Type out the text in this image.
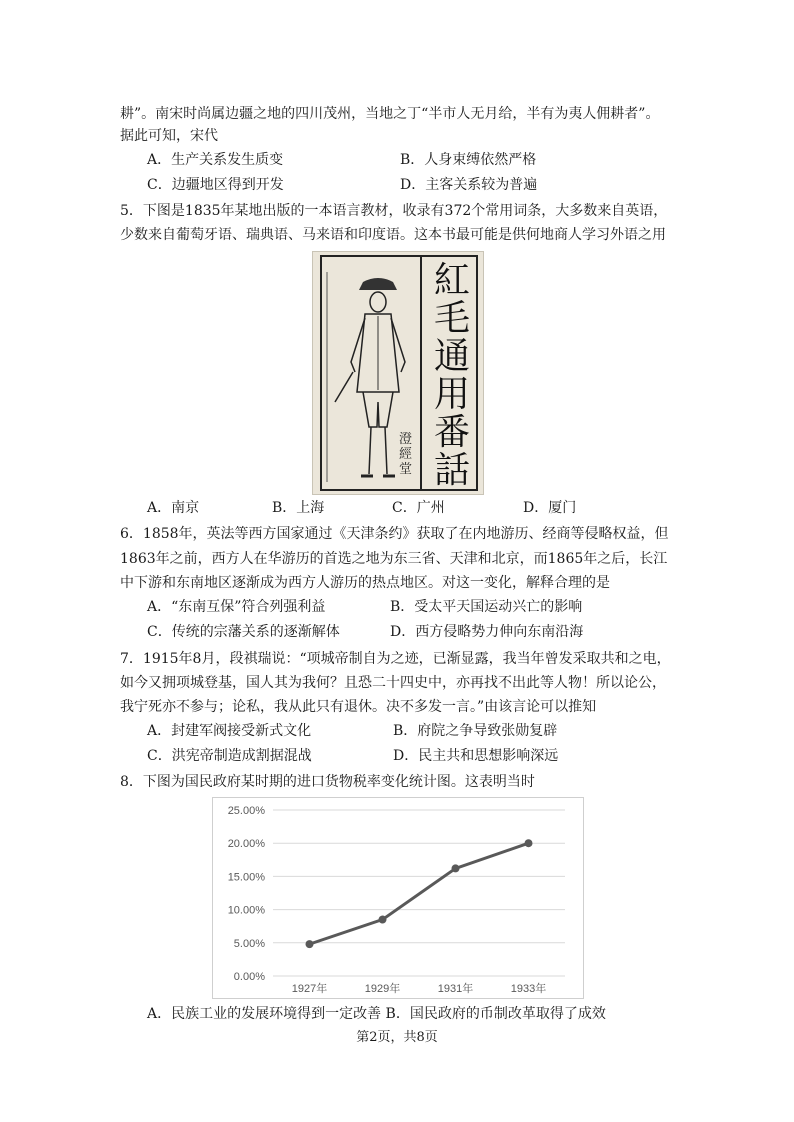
耕”。南宋时尚属边疆之地的四川茂州，当地之丁“半市人无月给，半有为夷人佣耕者”。
据此可知，宋代
A．生产关系发生质变	B．人身束缚依然严格
C．边疆地区得到开发	D．主客关系较为普遍
5．下图是1835年某地出版的一本语言教材，收录有372个常用词条，大多数来自英语，
少数来自葡萄牙语、瑞典语、马来语和印度语。这本书最可能是供何地商人学习外语之用
紅
毛
通
用
番
話
澄經堂
A．南京	B．上海	C．广州	D．厦门
6．1858年，英法等西方国家通过《天津条约》获取了在内地游历、经商等侵略权益，但
1863年之前，西方人在华游历的首选之地为东三省、天津和北京，而1865年之后，长江
中下游和东南地区逐渐成为西方人游历的热点地区。对这一变化，解释合理的是
A．“东南互保”符合列强利益	B．受太平天国运动兴亡的影响
C．传统的宗藩关系的逐渐解体	D．西方侵略势力伸向东南沿海
7．1915年8月，段祺瑞说：“项城帝制自为之迹，已渐显露，我当年曾发采取共和之电，
如今又拥项城登基，国人其为我何？且恐二十四史中，亦再找不出此等人物！所以论公，
我宁死亦不参与；论私，我从此只有退休。决不多发一言。”由该言论可以推知
A．封建军阀接受新式文化	B．府院之争导致张勋复辟
C．洪宪帝制造成割据混战	D．民主共和思想影响深远
8．下图为国民政府某时期的进口货物税率变化统计图。这表明当时
0.00%
5.00%
10.00%
15.00%
20.00%
25.00%
1927年	1929年	1931年	1933年
A．民族工业的发展环境得到一定改善 B．国民政府的币制改革取得了成效
第2页，共8页
